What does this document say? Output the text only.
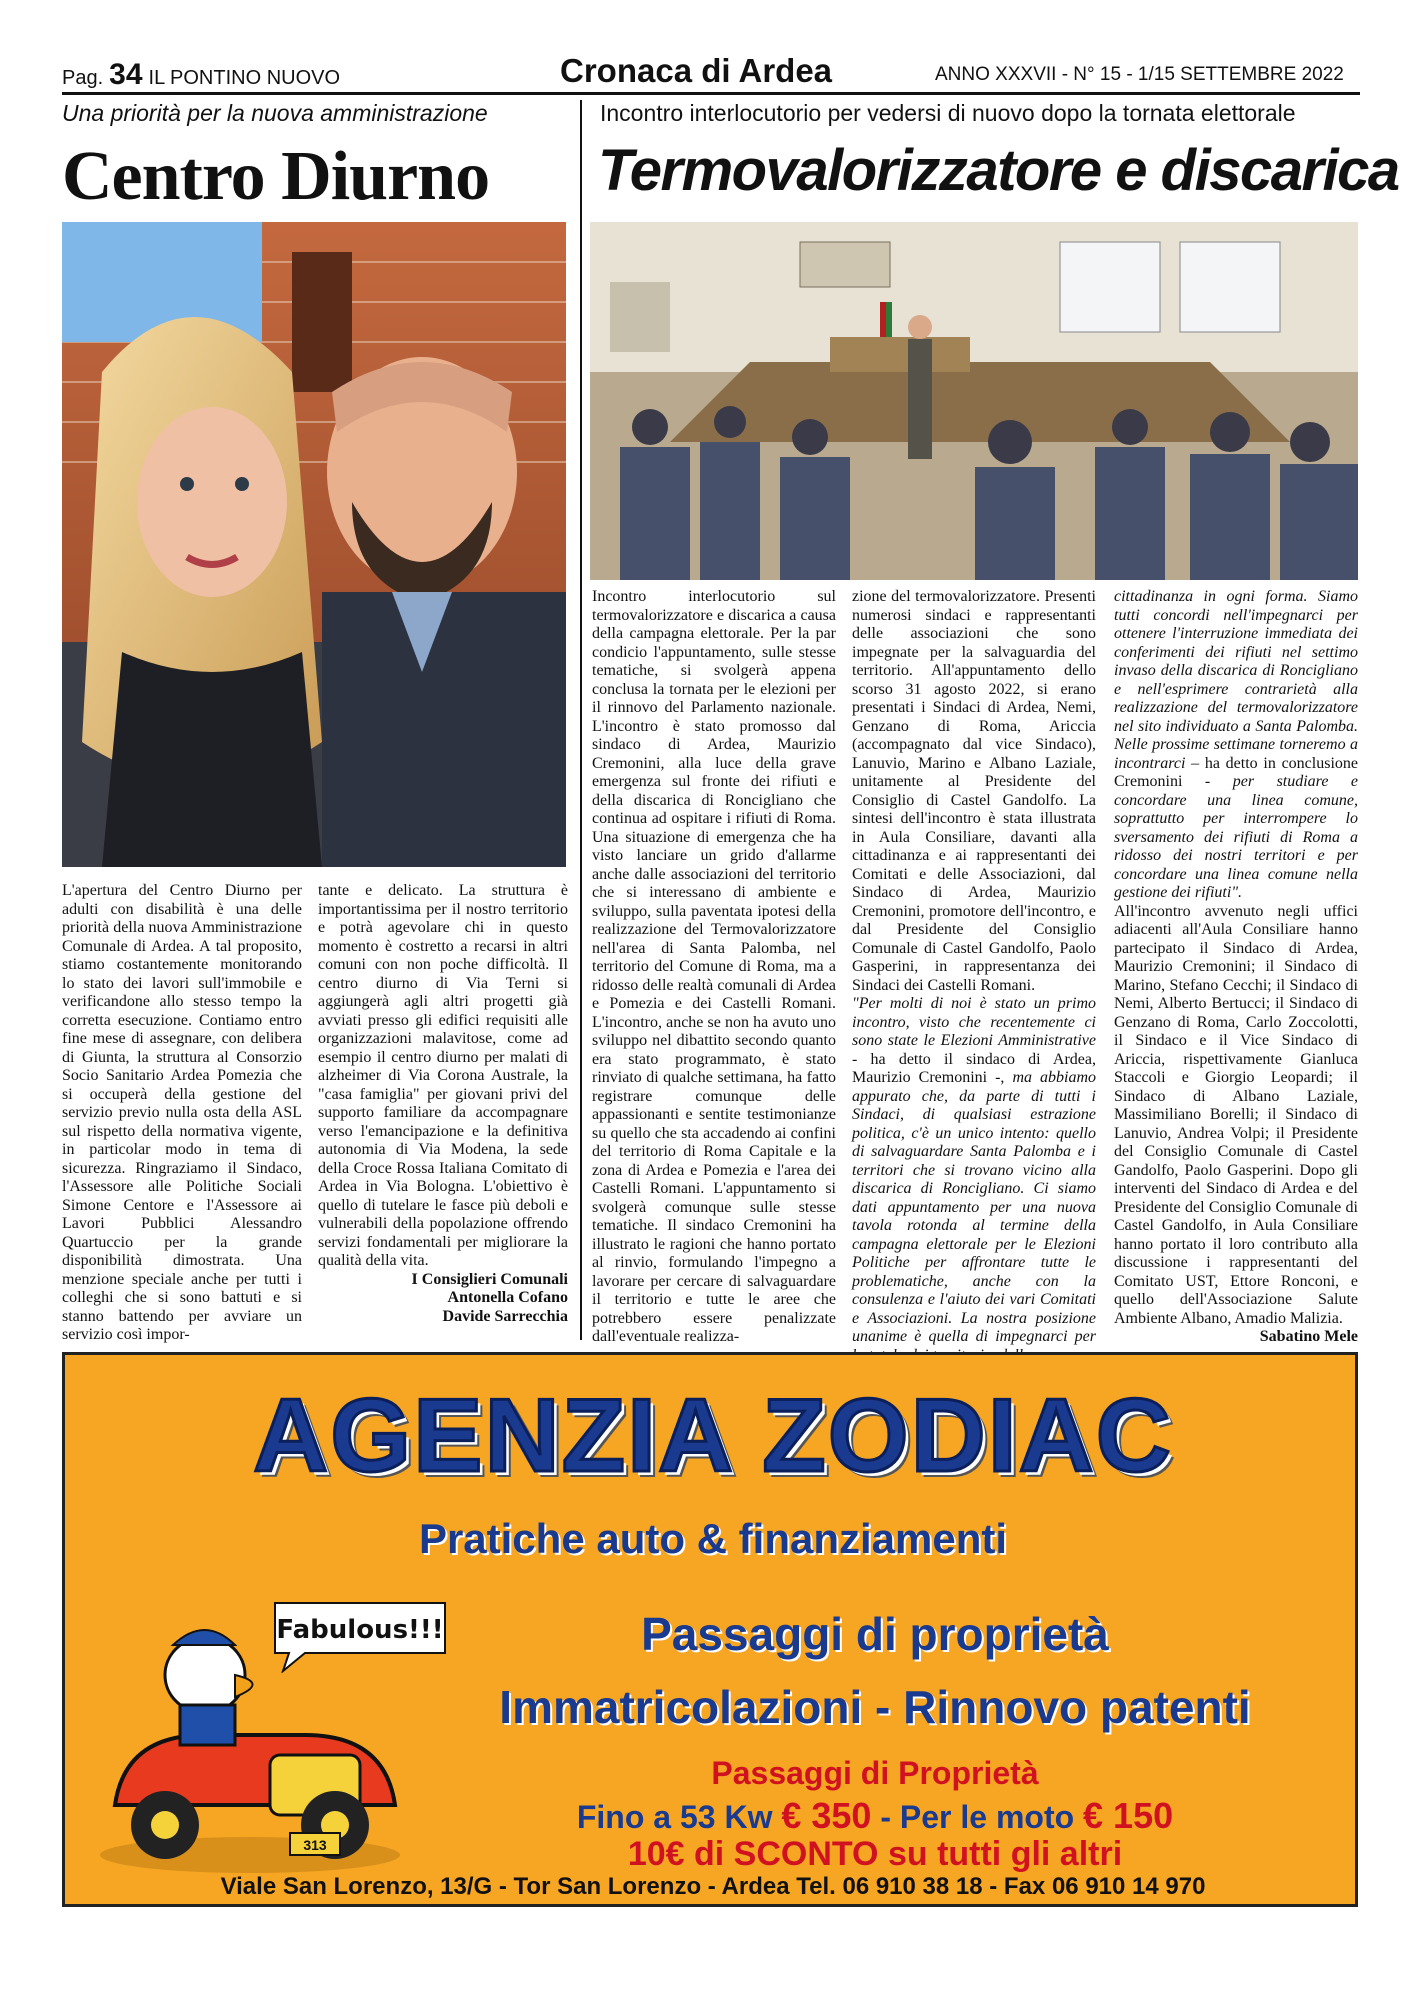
Pag. 34 IL PONTINO NUOVO	Cronaca di Ardea	ANNO XXXVII - N° 15 - 1/15 SETTEMBRE 2022
Una priorità per la nuova amministrazione
Centro Diurno

L'apertura del Centro Diurno per adulti con disabilità è una delle priorità della nuova Amministrazione Comunale di Ardea. A tal proposito, stiamo costantemente monitorando lo stato dei lavori sull'immobile e verificandone allo stesso tempo la corretta esecuzione. Contiamo entro fine mese di assegnare, con delibera di Giunta, la struttura al Consorzio Socio Sanitario Ardea Pomezia che si occuperà della gestione del servizio previo nulla osta della ASL sul rispetto della normativa vigente, in particolar modo in tema di sicurezza. Ringraziamo il Sindaco, l'Assessore alle Politiche Sociali Simone Centore e l'Assessore ai Lavori Pubblici Alessandro Quartuccio per la grande disponibilità dimostrata. Una menzione speciale anche per tutti i colleghi che si sono battuti e si stanno battendo per avviare un servizio così impor-

tante e delicato. La struttura è importantissima per il nostro territorio e potrà agevolare chi in questo momento è costretto a recarsi in altri comuni con non poche difficoltà. Il centro diurno di Via Terni si aggiungerà agli altri progetti già avviati presso gli edifici requisiti alle organizzazioni malavitose, come ad esempio il centro diurno per malati di alzheimer di Via Corona Australe, la "casa famiglia" per giovani privi del supporto familiare da accompagnare verso l'emancipazione e la definitiva autonomia di Via Modena, la sede della Croce Rossa Italiana Comitato di Ardea in Via Bologna. L'obiettivo è quello di tutelare le fasce più deboli e vulnerabili della popolazione offrendo servizi fondamentali per migliorare la qualità della vita.

I Consiglieri Comunali

Antonella Cofano

Davide Sarrecchia

Incontro interlocutorio per vedersi di nuovo dopo la tornata elettorale
Termovalorizzatore e discarica

Incontro interlocutorio sul termovalorizzatore e discarica a causa della campagna elettorale. Per la par condicio l'appuntamento, sulle stesse tematiche, si svolgerà appena conclusa la tornata per le elezioni per il rinnovo del Parlamento nazionale. L'incontro è stato promosso dal sindaco di Ardea, Maurizio Cremonini, alla luce della grave emergenza sul fronte dei rifiuti e della discarica di Roncigliano che continua ad ospitare i rifiuti di Roma. Una situazione di emergenza che ha visto lanciare un grido d'allarme anche dalle associazioni del territorio che si interessano di ambiente e sviluppo, sulla paventata ipotesi della realizzazione del Termovalorizzatore nell'area di Santa Palomba, nel territorio del Comune di Roma, ma a ridosso delle realtà comunali di Ardea e Pomezia e dei Castelli Romani. L'incontro, anche se non ha avuto uno sviluppo nel dibattito secondo quanto era stato programmato, è stato rinviato di qualche settimana, ha fatto registrare comunque delle appassionanti e sentite testimonianze su quello che sta accadendo ai confini del territorio di Roma Capitale e la zona di Ardea e Pomezia e l'area dei Castelli Romani. L'appuntamento si svolgerà comunque sulle stesse tematiche. Il sindaco Cremonini ha illustrato le ragioni che hanno portato al rinvio, formulando l'impegno a lavorare per cercare di salvaguardare il territorio e tutte le aree che potrebbero essere penalizzate dall'eventuale realizza-

zione del termovalorizzatore. Presenti numerosi sindaci e rappresentanti delle associazioni che sono impegnate per la salvaguardia del territorio. All'appuntamento dello scorso 31 agosto 2022, si erano presentati i Sindaci di Ardea, Nemi, Genzano di Roma, Ariccia (accompagnato dal vice Sindaco), Lanuvio, Marino e Albano Laziale, unitamente al Presidente del Consiglio di Castel Gandolfo. La sintesi dell'incontro è stata illustrata in Aula Consiliare, davanti alla cittadinanza e ai rappresentanti dei Comitati e delle Associazioni, dal Sindaco di Ardea, Maurizio Cremonini, promotore dell'incontro, e dal Presidente del Consiglio Comunale di Castel Gandolfo, Paolo Gasperini, in rappresentanza dei Sindaci dei Castelli Romani.

"Per molti di noi è stato un primo incontro, visto che recentemente ci sono state le Elezioni Amministrative - ha detto il sindaco di Ardea, Maurizio Cremonini -, ma abbiamo appurato che, da parte di tutti i Sindaci, di qualsiasi estrazione politica, c'è un unico intento: quello di salvaguardare Santa Palomba e i territori che si trovano vicino alla discarica di Roncigliano. Ci siamo dati appuntamento per una nuova tavola rotonda al termine della campagna elettorale per le Elezioni Politiche per affrontare tutte le problematiche, anche con la consulenza e l'aiuto dei vari Comitati e Associazioni. La nostra posizione unanime è quella di impegnarci per

cittadinanza in ogni forma. Siamo tutti concordi nell'impegnarci per ottenere l'interruzione immediata dei conferimenti dei rifiuti nel settimo invaso della discarica di Roncigliano e nell'esprimere contrarietà alla realizzazione del termovalorizzatore nel sito individuato a Santa Palomba. Nelle prossime settimane torneremo a incontrarci – ha detto in conclusione Cremonini - per studiare e concordare una linea comune, soprattutto per interrompere lo sversamento dei rifiuti di Roma a ridosso dei nostri territori e per concordare una linea comune nella gestione dei rifiuti".

All'incontro avvenuto negli uffici adiacenti all'Aula Consiliare hanno partecipato il Sindaco di Ardea, Maurizio Cremonini; il Sindaco di Marino, Stefano Cecchi; il Sindaco di Nemi, Alberto Bertucci; il Sindaco di Genzano di Roma, Carlo Zoccolotti, il Sindaco e il Vice Sindaco di Ariccia, rispettivamente Gianluca Staccoli e Giorgio Leopardi; il Sindaco di Albano Laziale, Massimiliano Borelli; il Sindaco di Lanuvio, Andrea Volpi; il Presidente del Consiglio Comunale di Castel Gandolfo, Paolo Gasperini. Dopo gli interventi del Sindaco di Ardea e del Presidente del Consiglio Comunale di Castel Gandolfo, in Aula Consiliare hanno portato il loro contributo alla discussione i rappresentanti del Comitato UST, Ettore Ronconi, e quello dell'Associazione Salute Ambiente Albano, Amadio Malizia.

Sabatino Mele

AGENZIA ZODIAC
Pratiche auto & finanziamenti
313
Fabulous!!!	Passaggi di proprietà
Immatricolazioni - Rinnovo patenti
Passaggi di Proprietà
Fino a 53 Kw € 350 - Per le moto € 150
10€ di SCONTO su tutti gli altri
Viale San Lorenzo, 13/G - Tor San Lorenzo - Ardea Tel. 06 910 38 18 - Fax 06 910 14 970
